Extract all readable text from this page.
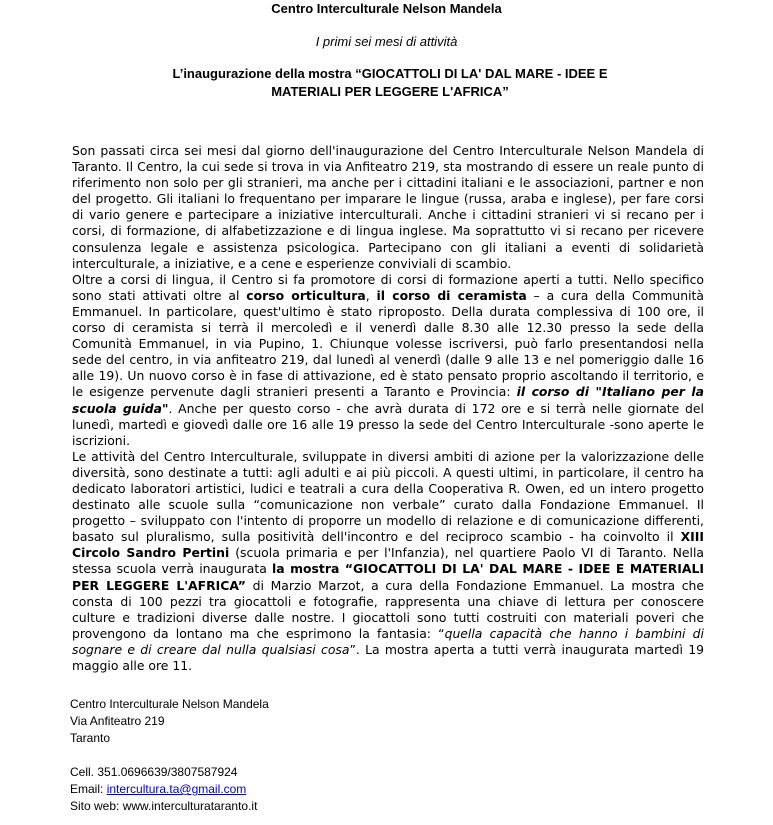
Centro Interculturale Nelson Mandela
I primi sei mesi di attività
L’inaugurazione della mostra “GIOCATTOLI DI LA' DAL MARE - IDEE E MATERIALI PER LEGGERE L'AFRICA”

Son passati circa sei mesi dal giorno dell'inaugurazione del Centro Interculturale Nelson Mandela di Taranto. Il Centro, la cui sede si trova in via Anfiteatro 219, sta mostrando di essere un reale punto di riferimento non solo per gli stranieri, ma anche per i cittadini italiani e le associazioni, partner e non del progetto. Gli italiani lo frequentano per imparare le lingue (russa, araba e inglese), per fare corsi di vario genere e partecipare a iniziative interculturali. Anche i cittadini stranieri vi si recano per i corsi, di formazione, di alfabetizzazione e di lingua inglese. Ma soprattutto vi si recano per ricevere consulenza legale e assistenza psicologica. Partecipano con gli italiani a eventi di solidarietà interculturale, a iniziative, e a cene e esperienze conviviali di scambio.

Oltre a corsi di lingua, il Centro si fa promotore di corsi di formazione aperti a tutti. Nello specifico sono stati attivati oltre al corso orticultura, il corso di ceramista – a cura della Communità Emmanuel. In particolare, quest'ultimo è stato riproposto. Della durata complessiva di 100 ore, il corso di ceramista si terrà il mercoledì e il venerdì dalle 8.30 alle 12.30 presso la sede della Comunità Emmanuel, in via Pupino, 1. Chiunque volesse iscriversi, può farlo presentandosi nella sede del centro, in via anfiteatro 219, dal lunedì al venerdì (dalle 9 alle 13 e nel pomeriggio dalle 16 alle 19). Un nuovo corso è in fase di attivazione, ed è stato pensato proprio ascoltando il territorio, e le esigenze pervenute dagli stranieri presenti a Taranto e Provincia: il corso di "Italiano per la scuola guida". Anche per questo corso - che avrà durata di 172 ore e si terrà nelle giornate del lunedì, martedì e giovedì dalle ore 16 alle 19 presso la sede del Centro Interculturale -sono aperte le iscrizioni.

Le attività del Centro Interculturale, sviluppate in diversi ambiti di azione per la valorizzazione delle diversità, sono destinate a tutti: agli adulti e ai più piccoli. A questi ultimi, in particolare, il centro ha dedicato laboratori artistici, ludici e teatrali a cura della Cooperativa R. Owen, ed un intero progetto destinato alle scuole sulla “comunicazione non verbale” curato dalla Fondazione Emmanuel. Il progetto – sviluppato con l'intento di proporre un modello di relazione e di comunicazione differenti, basato sul pluralismo, sulla positività dell'incontro e del reciproco scambio - ha coinvolto il XIII Circolo Sandro Pertini (scuola primaria e per l'Infanzia), nel quartiere Paolo VI di Taranto. Nella stessa scuola verrà inaugurata la mostra “GIOCATTOLI DI LA' DAL MARE - IDEE E MATERIALI PER LEGGERE L'AFRICA” di Marzio Marzot, a cura della Fondazione Emmanuel. La mostra che consta di 100 pezzi tra giocattoli e fotografie, rappresenta una chiave di lettura per conoscere culture e tradizioni diverse dalle nostre. I giocattoli sono tutti costruiti con materiali poveri che provengono da lontano ma che esprimono la fantasia: “quella capacità che hanno i bambini di sognare e di creare dal nulla qualsiasi cosa”. La mostra aperta a tutti verrà inaugurata martedì 19 maggio alle ore 11.

Centro Interculturale Nelson Mandela
Via Anfiteatro 219
Taranto
Cell. 351.0696639/3807587924
Email: intercultura.ta@gmail.com
Sito web: www.interculturataranto.it
